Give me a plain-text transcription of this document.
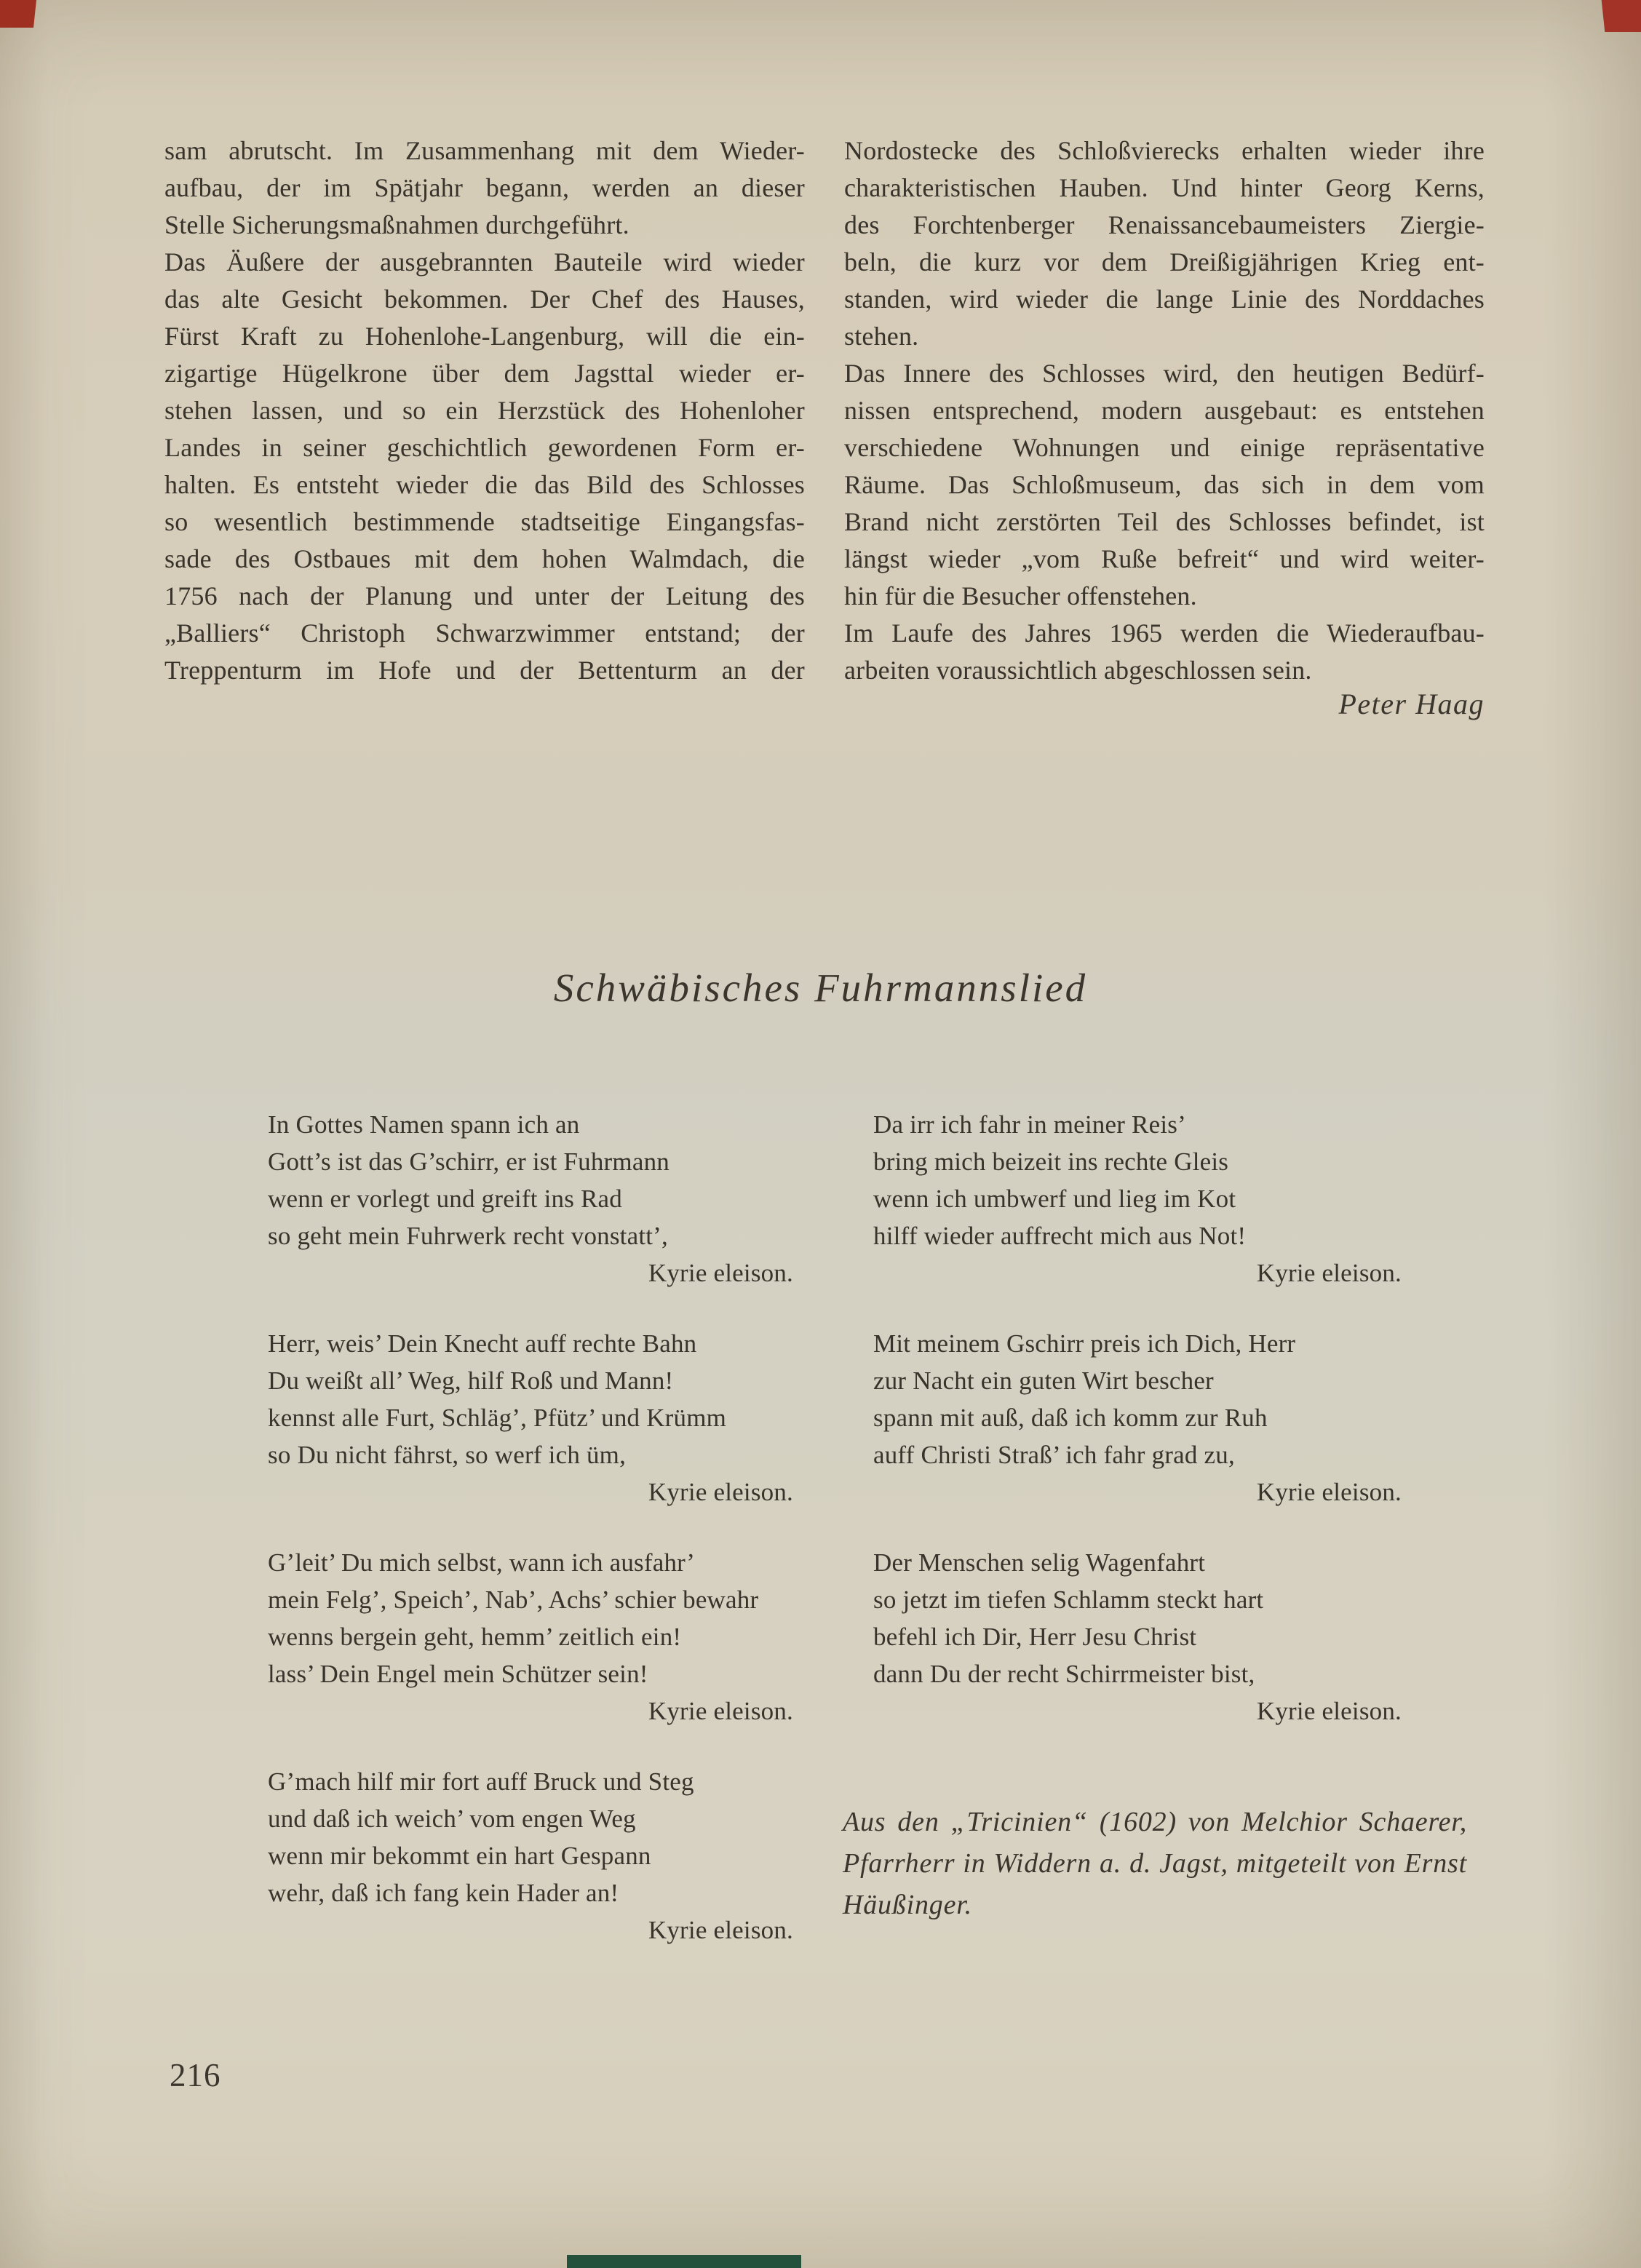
sam abrutscht. Im Zusammenhang mit dem Wieder-
aufbau, der im Spätjahr begann, werden an dieser
Stelle Sicherungsmaßnahmen durchgeführt.
Das Äußere der ausgebrannten Bauteile wird wieder
das alte Gesicht bekommen. Der Chef des Hauses,
Fürst Kraft zu Hohenlohe-Langenburg, will die ein-
zigartige Hügelkrone über dem Jagsttal wieder er-
stehen lassen, und so ein Herzstück des Hohenloher
Landes in seiner geschichtlich gewordenen Form er-
halten. Es entsteht wieder die das Bild des Schlosses
so wesentlich bestimmende stadtseitige Eingangsfas-
sade des Ostbaues mit dem hohen Walmdach, die
1756 nach der Planung und unter der Leitung des
„Balliers“ Christoph Schwarzwimmer entstand; der
Treppenturm im Hofe und der Bettenturm an der
Nordostecke des Schloßvierecks erhalten wieder ihre
charakteristischen Hauben. Und hinter Georg Kerns,
des Forchtenberger Renaissancebaumeisters Ziergie-
beln, die kurz vor dem Dreißigjährigen Krieg ent-
standen, wird wieder die lange Linie des Norddaches
stehen.
Das Innere des Schlosses wird, den heutigen Bedürf-
nissen entsprechend, modern ausgebaut: es entstehen
verschiedene Wohnungen und einige repräsentative
Räume. Das Schloßmuseum, das sich in dem vom
Brand nicht zerstörten Teil des Schlosses befindet, ist
längst wieder „vom Ruße befreit“ und wird weiter-
hin für die Besucher offenstehen.
Im Laufe des Jahres 1965 werden die Wiederaufbau-
arbeiten voraussichtlich abgeschlossen sein.
Peter Haag
Schwäbisches Fuhrmannslied
In Gottes Namen spann ich an
Gott’s ist das G’schirr, er ist Fuhrmann
wenn er vorlegt und greift ins Rad
so geht mein Fuhrwerk recht vonstatt’,
Kyrie eleison.
Herr, weis’ Dein Knecht auff rechte Bahn
Du weißt all’ Weg, hilf Roß und Mann!
kennst alle Furt, Schläg’, Pfütz’ und Krümm
so Du nicht fährst, so werf ich üm,
Kyrie eleison.
G’leit’ Du mich selbst, wann ich ausfahr’
mein Felg’, Speich’, Nab’, Achs’ schier bewahr
wenns bergein geht, hemm’ zeitlich ein!
lass’ Dein Engel mein Schützer sein!
Kyrie eleison.
G’mach hilf mir fort auff Bruck und Steg
und daß ich weich’ vom engen Weg
wenn mir bekommt ein hart Gespann
wehr, daß ich fang kein Hader an!
Kyrie eleison.
Da irr ich fahr in meiner Reis’
bring mich beizeit ins rechte Gleis
wenn ich umbwerf und lieg im Kot
hilff wieder auffrecht mich aus Not!
Kyrie eleison.
Mit meinem Gschirr preis ich Dich, Herr
zur Nacht ein guten Wirt bescher
spann mit auß, daß ich komm zur Ruh
auff Christi Straß’ ich fahr grad zu,
Kyrie eleison.
Der Menschen selig Wagenfahrt
so jetzt im tiefen Schlamm steckt hart
befehl ich Dir, Herr Jesu Christ
dann Du der recht Schirrmeister bist,
Kyrie eleison.
Aus den „Tricinien“ (1602) von Melchior Schaerer,
Pfarrherr in Widdern a. d. Jagst, mitgeteilt von Ernst
Häußinger.
216
